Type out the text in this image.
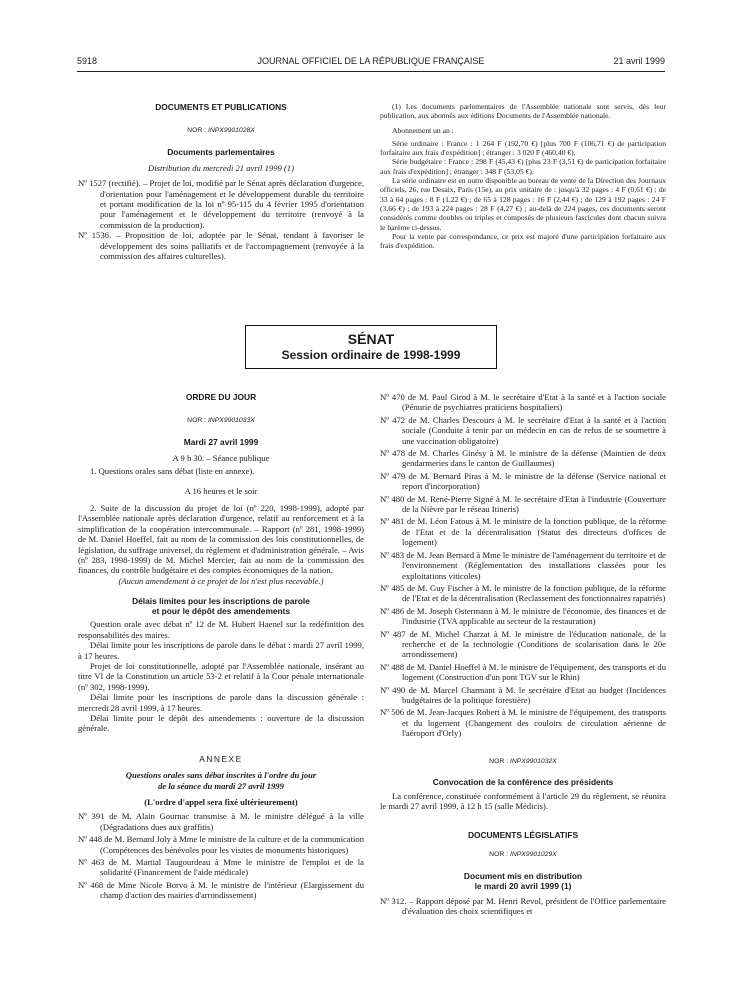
5918	JOURNAL OFFICIEL DE LA RÉPUBLIQUE FRANÇAISE	21 avril 1999

DOCUMENTS ET PUBLICATIONS

NOR : INPX9901028X

Documents parlementaires

Distribution du mercredi 21 avril 1999 (1)

Nº 1527 (rectifié). – Projet de loi, modifié par le Sénat après déclaration d'urgence, d'orientation pour l'aménagement et le développement durable du territoire et portant modification de la loi nº 95-115 du 4 février 1995 d'orientation pour l'aménagement et le développement du territoire (renvoyé à la commission de la production).

Nº 1536. – Proposition de loi, adoptée par le Sénat, tendant à favoriser le développement des soins palliatifs et de l'accompagnement (renvoyée à la commission des affaires culturelles).

(1) Les documents parlementaires de l'Assemblée nationale sont servis, dès leur publication, aux abonnés aux éditions Documents de l'Assemblée nationale.

Abonnement un an :

Série ordinaire : France : 1 264 F (192,70 €) [plus 700 F (106,71 €) de participation forfaitaire aux frais d'expédition] ; étranger : 3 020 F (460,40 €).

Série budgétaire : France : 298 F (45,43 €) [plus 23 F (3,51 €) de participation forfaitaire aux frais d'expédition] ; étranger : 348 F (53,05 €).

La série ordinaire est en outre disponible au bureau de vente de la Direction des Journaux officiels, 26, rue Desaix, Paris (15e), au prix unitaire de : jusqu'à 32 pages : 4 F (0,61 €) ; de 33 à 64 pages : 8 F (1,22 €) ; de 65 à 128 pages : 16 F (2,44 €) ; de 129 à 192 pages : 24 F (3,66 €) ; de 193 à 224 pages : 28 F (4,27 €) ; au-delà de 224 pages, ces documents seront considérés comme doubles ou triples et composés de plusieurs fascicules dont chacun suivra le barème ci-dessus.

Pour la vente par correspondance, ce prix est majoré d'une participation forfaitaire aux frais d'expédition.

SÉNAT
Session ordinaire de 1998-1999

ORDRE DU JOUR

NOR : INPX9901033X

Mardi 27 avril 1999

A 9 h 30. – Séance publique

1. Questions orales sans débat (liste en annexe).

A 16 heures et le soir

2. Suite de la discussion du projet de loi (nº 220, 1998-1999), adopté par l'Assemblée nationale après déclaration d'urgence, relatif au renforcement et à la simplification de la coopération intercommunale. – Rapport (nº 281, 1998-1999) de M. Daniel Hoeffel, fait au nom de la commission des lois constitutionnelles, de législation, du suffrage universel, du règlement et d'administration générale. – Avis (nº 283, 1998-1999) de M. Michel Mercier, fait au nom de la commission des finances, du contrôle budgétaire et des comptes économiques de la nation.

(Aucun amendement à ce projet de loi n'est plus recevable.)

Délais limites pour les inscriptions de parole

et pour le dépôt des amendements

Question orale avec débat nº 12 de M. Hubert Haenel sur la redéfinition des responsabilités des maires.

Délai limite pour les inscriptions de parole dans le débat : mardi 27 avril 1999, à 17 heures.

Projet de loi constitutionnelle, adopté par l'Assemblée nationale, insérant au titre VI de la Constitution un article 53-2 et relatif à la Cour pénale internationale (nº 302, 1998-1999).

Délai limite pour les inscriptions de parole dans la discussion générale : mercredi 28 avril 1999, à 17 heures.

Délai limite pour le dépôt des amendements : ouverture de la discussion générale.

ANNEXE

Questions orales sans débat inscrites à l'ordre du jour

de la séance du mardi 27 avril 1999

(L'ordre d'appel sera fixé ultérieurement)

Nº 391 de M. Alain Gournac transmise à M. le ministre délégué à la ville (Dégradations dues aux graffitis)

Nº 448 de M. Bernard Joly à Mme le ministre de la culture et de la communication (Compétences des bénévoles pour les visites de monuments historiques)

Nº 463 de M. Martial Taugourdeau à Mme le ministre de l'emploi et de la solidarité (Financement de l'aide médicale)

Nº 468 de Mme Nicole Borvo à M. le ministre de l'intérieur (Elargissement du champ d'action des mairies d'arrondissement)

Nº 470 de M. Paul Girod à M. le secrétaire d'Etat à la santé et à l'action sociale (Pénurie de psychiatres praticiens hospitaliers)

Nº 472 de M. Charles Descours à M. le secrétaire d'Etat à la santé et à l'action sociale (Conduite à tenir par un médecin en cas de refus de se soumettre à une vaccination obligatoire)

Nº 478 de M. Charles Ginésy à M. le ministre de la défense (Maintien de deux gendarmeries dans le canton de Guillaumes)

Nº 479 de M. Bernard Piras à M. le ministre de la défense (Service national et report d'incorporation)

Nº 480 de M. René-Pierre Signé à M. le secrétaire d'Etat à l'industrie (Couverture de la Nièvre par le réseau Itineris)

Nº 481 de M. Léon Fatous à M. le ministre de la fonction publique, de la réforme de l'Etat et de la décentralisation (Statut des directeurs d'offices de logement)

Nº 483 de M. Jean Bernard à Mme le ministre de l'aménagement du territoire et de l'environnement (Réglementation des installations classées pour les exploitations viticoles)

Nº 485 de M. Guy Fischer à M. le ministre de la fonction publique, de la réforme de l'Etat et de la décentralisation (Reclassement des fonctionnaires rapatriés)

Nº 486 de M. Joseph Ostermann à M. le ministre de l'économie, des finances et de l'industrie (TVA applicable au secteur de la restauration)

Nº 487 de M. Michel Charzat à M. le ministre de l'éducation nationale, de la recherche et de la technologie (Conditions de scolarisation dans le 20e arrondissement)

Nº 488 de M. Daniel Hoeffel à M. le ministre de l'équipement, des transports et du logement (Construction d'un pont TGV sur le Rhin)

Nº 490 de M. Marcel Charmant à M. le secrétaire d'Etat au budget (Incidences budgétaires de la politique forestière)

Nº 506 de M. Jean-Jacques Robert à M. le ministre de l'équipement, des transports et du logement (Changement des couloirs de circulation aérienne de l'aéroport d'Orly)

NOR : INPX9901032X

Convocation de la conférence des présidents

La conférence, constituée conformément à l'article 29 du règlement, se réunira le mardi 27 avril 1999, à 12 h 15 (salle Médicis).

DOCUMENTS LÉGISLATIFS

NOR : INPX9901029X

Document mis en distribution

le mardi 20 avril 1999 (1)

Nº 312. – Rapport déposé par M. Henri Revol, président de l'Office parlementaire d'évaluation des choix scientifiques et
